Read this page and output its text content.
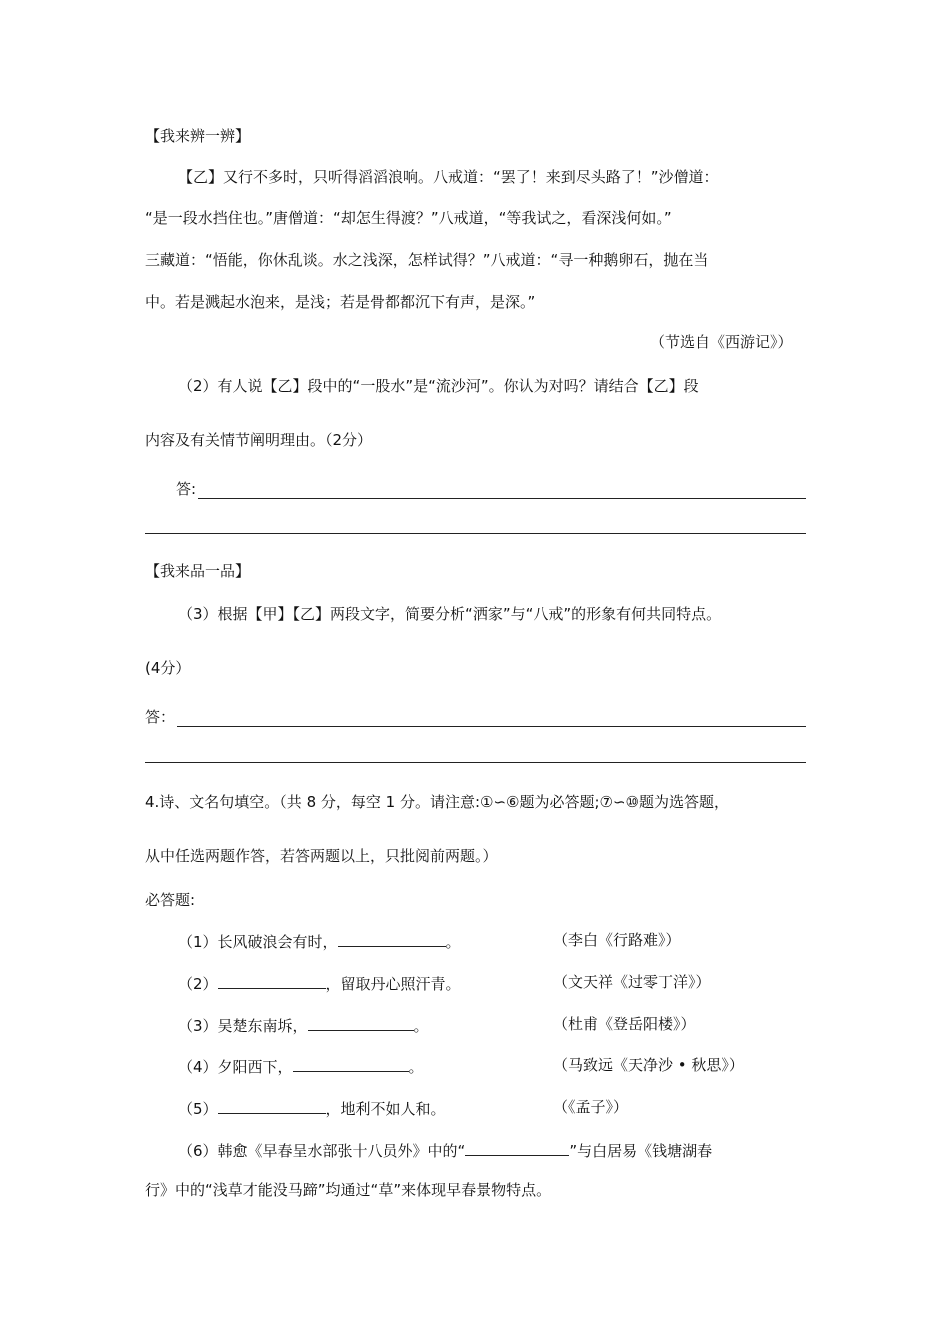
【我来辨一辨】
【乙】又行不多时，只听得滔滔浪响。八戒道：“罢了！来到尽头路了！”沙僧道：
“是一段水挡住也。”唐僧道：“却怎生得渡？”八戒道，“等我试之，看深浅何如。”
三藏道：“悟能，你休乱谈。水之浅深，怎样试得？”八戒道：“寻一种鹅卵石，抛在当
中。若是溅起水泡来，是浅；若是骨都都沉下有声，是深。”
（节选自《西游记》）
（2）有人说【乙】段中的“一股水”是“流沙河”。你认为对吗？请结合【乙】段
内容及有关情节阐明理由。（2分）
答:
【我来品一品】
（3）根据【甲】【乙】两段文字，简要分析“洒家”与“八戒”的形象有何共同特点。
(4分）
答：
4.诗、文名句填空。（共 8 分，每空 1 分。请注意:①∽⑥题为必答题;⑦∽⑩题为选答题，
从中任选两题作答，若答两题以上，只批阅前两题。）
必答题:
（1）长风破浪会有时，	。	（李白《行路难》）
（2）	，留取丹心照汗青。	（文天祥《过零丁洋》）
（3）吴楚东南坼，	。	（杜甫《登岳阳楼》）
（4）夕阳西下，	。	（马致远《天净沙 • 秋思》）
（5）	，地利不如人和。	（《孟子》）
（6）韩愈《早春呈水部张十八员外》中的“	”与白居易《钱塘湖春
行》中的“浅草才能没马蹄”均通过“草”来体现早春景物特点。
